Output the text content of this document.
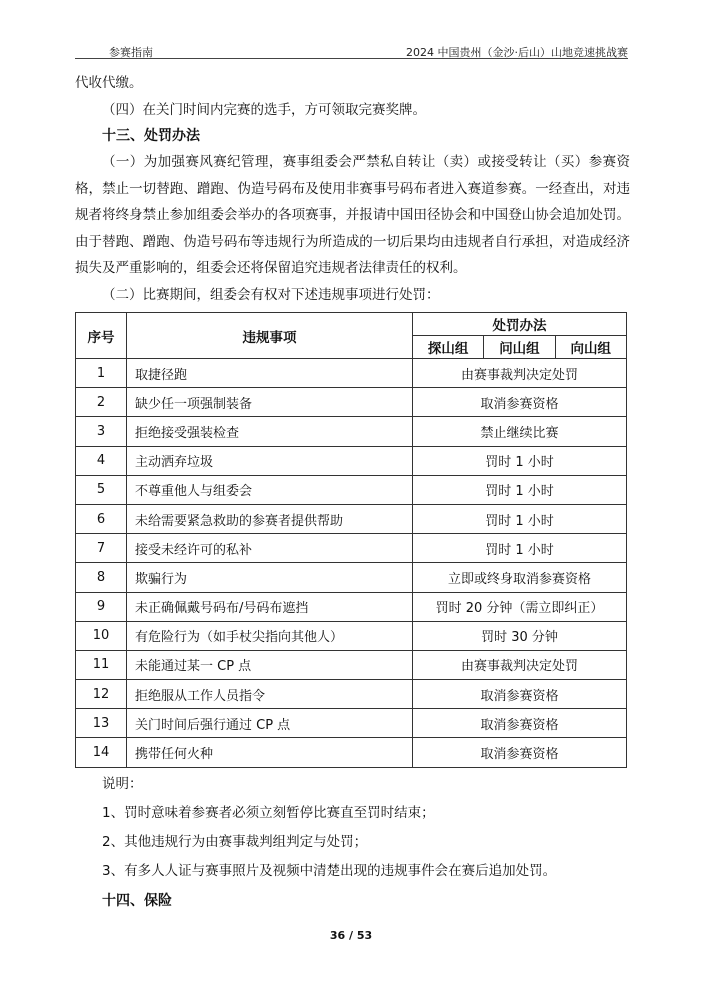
参赛指南	2024 中国贵州（金沙·后山）山地竞速挑战赛

代收代缴。

（四）在关门时间内完赛的选手，方可领取完赛奖牌。

十三、处罚办法

（一）为加强赛风赛纪管理，赛事组委会严禁私自转让（卖）或接受转让（买）参赛资格，禁止一切替跑、蹭跑、伪造号码布及使用非赛事号码布者进入赛道参赛。一经查出，对违规者将终身禁止参加组委会举办的各项赛事，并报请中国田径协会和中国登山协会追加处罚。由于替跑、蹭跑、伪造号码布等违规行为所造成的一切后果均由违规者自行承担，对造成经济损失及严重影响的，组委会还将保留追究违规者法律责任的权利。

（二）比赛期间，组委会有权对下述违规事项进行处罚：

序号	违规事项	处罚办法		
		探山组	问山组	向山组
1	取捷径跑	由赛事裁判决定处罚		
2	缺少任一项强制装备	取消参赛资格		
3	拒绝接受强装检查	禁止继续比赛		
4	主动洒弃垃圾	罚时 1 小时		
5	不尊重他人与组委会	罚时 1 小时		
6	未给需要紧急救助的参赛者提供帮助	罚时 1 小时		
7	接受未经许可的私补	罚时 1 小时		
8	欺骗行为	立即或终身取消参赛资格		
9	未正确佩戴号码布/号码布遮挡	罚时 20 分钟（需立即纠正）		
10	有危险行为（如手杖尖指向其他人）	罚时 30 分钟		
11	未能通过某一 CP 点	由赛事裁判决定处罚		
12	拒绝服从工作人员指令	取消参赛资格		
13	关门时间后强行通过 CP 点	取消参赛资格		
14	携带任何火种	取消参赛资格		

说明：

1、罚时意味着参赛者必须立刻暂停比赛直至罚时结束；

2、其他违规行为由赛事裁判组判定与处罚；

3、有多人人证与赛事照片及视频中清楚出现的违规事件会在赛后追加处罚。

十四、保险

36 / 53
